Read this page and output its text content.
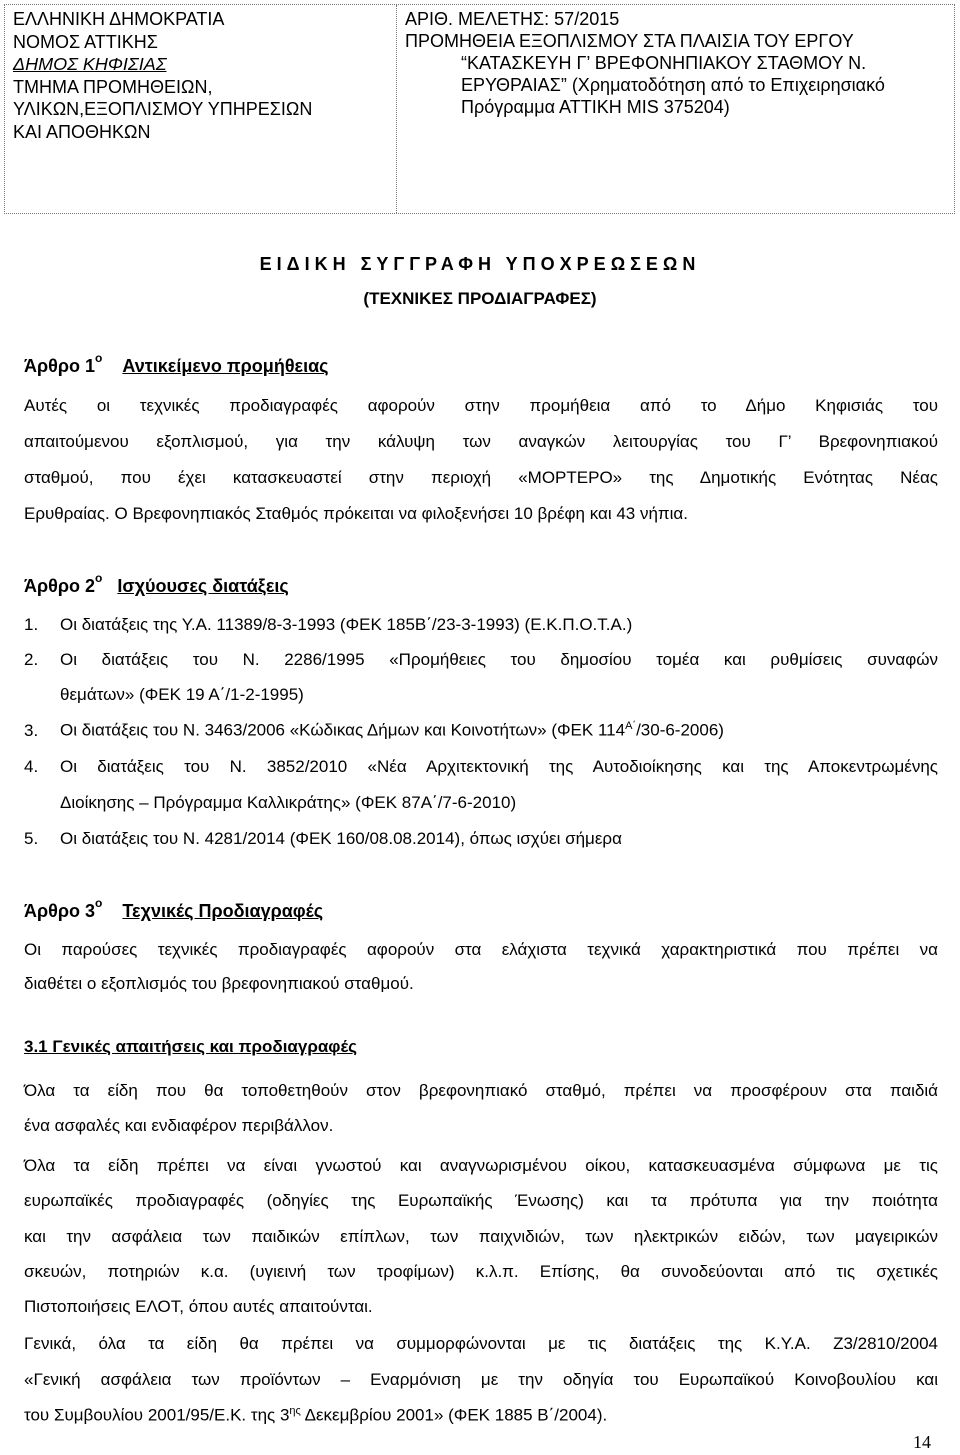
ΕΛΛΗΝΙΚΗ ΔΗΜΟΚΡΑΤΙΑ
ΝΟΜΟΣ ΑΤΤΙΚΗΣ
ΔΗΜΟΣ ΚΗΦΙΣΙΑΣ
ΤΜΗΜΑ ΠΡΟΜΗΘΕΙΩΝ,
ΥΛΙΚΩΝ,ΕΞΟΠΛΙΣΜΟΥ ΥΠΗΡΕΣΙΩΝ
ΚΑΙ ΑΠΟΘΗΚΩΝ
ΑΡΙΘ. ΜΕΛΕΤΗΣ: 57/2015
ΠΡΟΜΗΘΕΙΑ ΕΞΟΠΛΙΣΜΟΥ ΣΤΑ ΠΛΑΙΣΙΑ ΤΟΥ ΕΡΓΟΥ
“ΚΑΤΑΣΚΕΥΗ Γ’ ΒΡΕΦΟΝΗΠΙΑΚΟΥ ΣΤΑΘΜΟΥ Ν.
ΕΡΥΘΡΑΙΑΣ” (Χρηματοδότηση από το Επιχειρησιακό
Πρόγραμμα ΑΤΤΙΚΗ MIS 375204)
ΕΙΔΙΚΗ ΣΥΓΓΡΑΦΗ ΥΠΟΧΡΕΩΣΕΩΝ
(ΤΕΧΝΙΚΕΣ ΠΡΟΔΙΑΓΡΑΦΕΣ)
Άρθρο $1^o$ Αντικείμενο προμήθειας
Αυτές οι τεχνικές προδιαγραφές αφορούν στην προμήθεια από το Δήμο Κηφισιάς του
απαιτούμενου εξοπλισμού, για την κάλυψη των αναγκών λειτουργίας του Γ’ Βρεφονηπιακού
σταθμού, που έχει κατασκευαστεί στην περιοχή «ΜΟΡΤΕΡΟ» της Δημοτικής Ενότητας Νέας
Ερυθραίας. Ο Βρεφονηπιακός Σταθμός πρόκειται να φιλοξενήσει 10 βρέφη και 43 νήπια.
Άρθρο $2^o$ Ισχύουσες διατάξεις
1. Οι διατάξεις της Υ.Α. 11389/8-3-1993 (ΦΕΚ 185Β΄/23-3-1993) (Ε.Κ.Π.Ο.Τ.Α.)
2. Οι διατάξεις του Ν. 2286/1995 «Προμήθειες του δημοσίου τομέα και ρυθμίσεις συναφών
θεμάτων» (ΦΕΚ 19 Α΄/1-2-1995)
3. Οι διατάξεις του Ν. 3463/2006 «Κώδικας Δήμων και Κοινοτήτων» (ΦΕΚ $114^{A΄}/30-6-2006$)
4. Οι διατάξεις του Ν. 3852/2010 «Νέα Αρχιτεκτονική της Αυτοδιοίκησης και της Αποκεντρωμένης
Διοίκησης – Πρόγραμμα Καλλικράτης» (ΦΕΚ 87Α΄/7-6-2010)
5. Οι διατάξεις του Ν. 4281/2014 (ΦΕΚ 160/08.08.2014), όπως ισχύει σήμερα
Άρθρο $3^o$ Τεχνικές Προδιαγραφές
Οι παρούσες τεχνικές προδιαγραφές αφορούν στα ελάχιστα τεχνικά χαρακτηριστικά που πρέπει να
διαθέτει ο εξοπλισμός του βρεφονηπιακού σταθμού.
3.1 Γενικές απαιτήσεις και προδιαγραφές
Όλα τα είδη που θα τοποθετηθούν στον βρεφονηπιακό σταθμό, πρέπει να προσφέρουν στα παιδιά
ένα ασφαλές και ενδιαφέρον περιβάλλον.
Όλα τα είδη πρέπει να είναι γνωστού και αναγνωρισμένου οίκου, κατασκευασμένα σύμφωνα με τις
ευρωπαϊκές προδιαγραφές (οδηγίες της Ευρωπαϊκής Ένωσης) και τα πρότυπα για την ποιότητα
και την ασφάλεια των παιδικών επίπλων, των παιχνιδιών, των ηλεκτρικών ειδών, των μαγειρικών
σκευών, ποτηριών κ.α. (υγιεινή των τροφίμων) κ.λ.π. Επίσης, θα συνοδεύονται από τις σχετικές
Πιστοποιήσεις ΕΛΟΤ, όπου αυτές απαιτούνται.
Γενικά, όλα τα είδη θα πρέπει να συμμορφώνονται με τις διατάξεις της Κ.Υ.Α. Ζ3/2810/2004
«Γενική ασφάλεια των προϊόντων – Εναρμόνιση με την οδηγία του Ευρωπαϊκού Κοινοβουλίου και
του Συμβουλίου 2001/95/Ε.Κ. της $3^{\eta\varsigma}$ Δεκεμβρίου 2001» (ΦΕΚ 1885 Β΄/2004).
14
